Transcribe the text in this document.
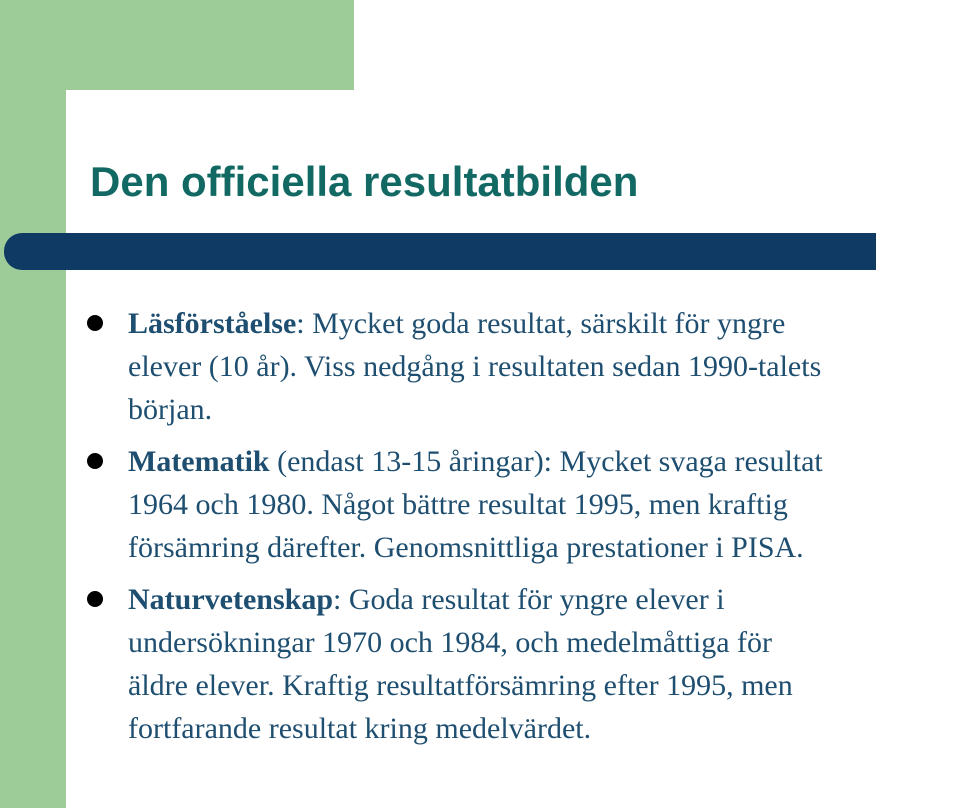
Den officiella resultatbilden
Läsförståelse: Mycket goda resultat, särskilt för yngre
elever (10 år). Viss nedgång i resultaten sedan 1990-talets
början.
Matematik (endast 13-15 åringar): Mycket svaga resultat
1964 och 1980. Något bättre resultat 1995, men kraftig
försämring därefter. Genomsnittliga prestationer i PISA.
Naturvetenskap: Goda resultat för yngre elever i
undersökningar 1970 och 1984, och medelmåttiga för
äldre elever. Kraftig resultatförsämring efter 1995, men
fortfarande resultat kring medelvärdet.
